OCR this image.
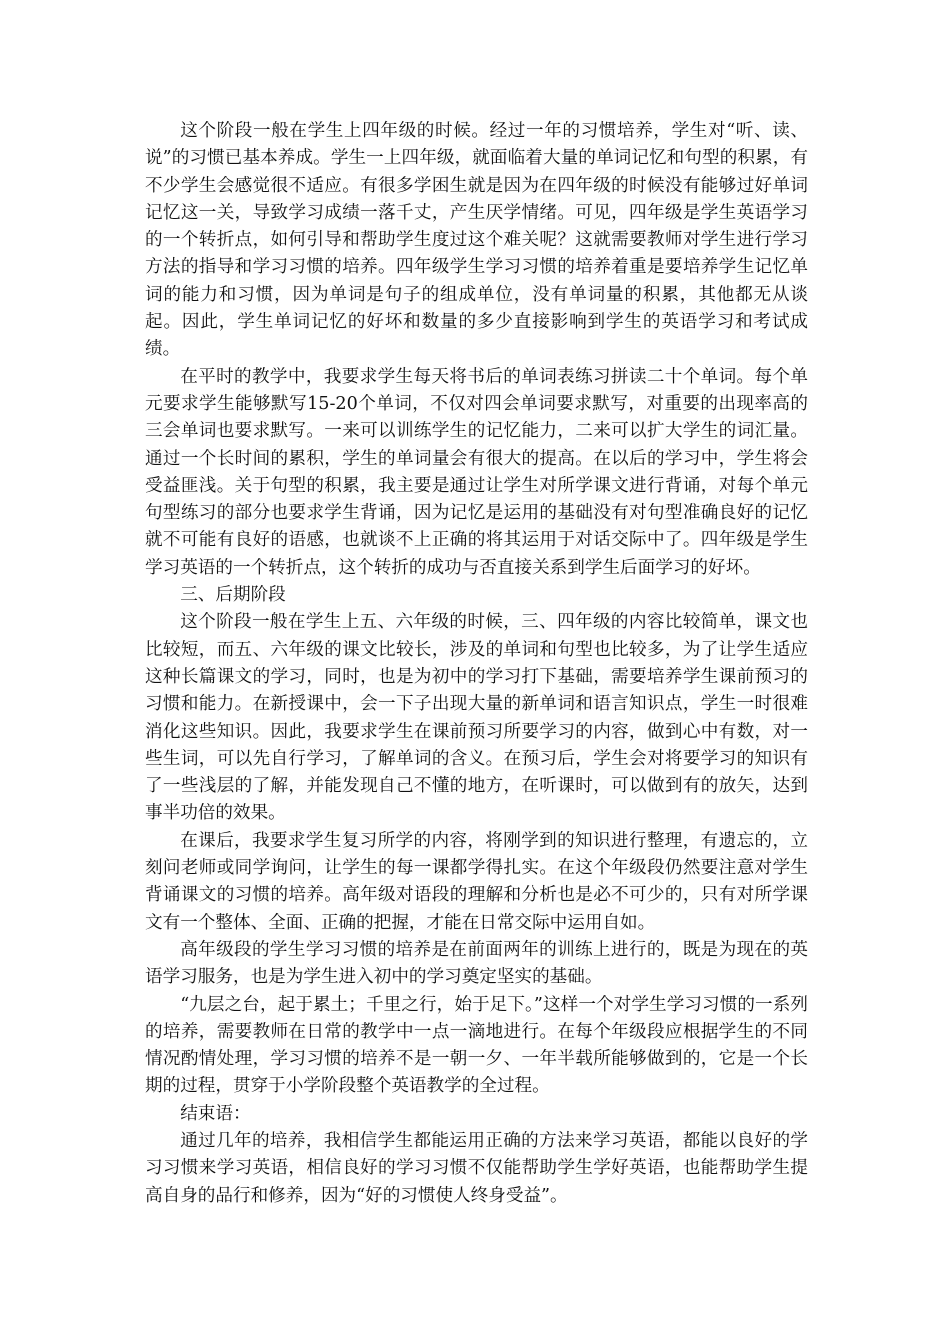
这个阶段一般在学生上四年级的时候。经过一年的习惯培养，学生对“听、读、说”的习惯已基本养成。学生一上四年级，就面临着大量的单词记忆和句型的积累，有不少学生会感觉很不适应。有很多学困生就是因为在四年级的时候没有能够过好单词记忆这一关，导致学习成绩一落千丈，产生厌学情绪。可见，四年级是学生英语学习的一个转折点，如何引导和帮助学生度过这个难关呢？这就需要教师对学生进行学习方法的指导和学习习惯的培养。四年级学生学习习惯的培养着重是要培养学生记忆单词的能力和习惯，因为单词是句子的组成单位，没有单词量的积累，其他都无从谈起。因此，学生单词记忆的好坏和数量的多少直接影响到学生的英语学习和考试成绩。

在平时的教学中，我要求学生每天将书后的单词表练习拼读二十个单词。每个单元要求学生能够默写15-20个单词，不仅对四会单词要求默写，对重要的出现率高的三会单词也要求默写。一来可以训练学生的记忆能力，二来可以扩大学生的词汇量。通过一个长时间的累积，学生的单词量会有很大的提高。在以后的学习中，学生将会受益匪浅。关于句型的积累，我主要是通过让学生对所学课文进行背诵，对每个单元句型练习的部分也要求学生背诵，因为记忆是运用的基础没有对句型准确良好的记忆就不可能有良好的语感，也就谈不上正确的将其运用于对话交际中了。四年级是学生学习英语的一个转折点，这个转折的成功与否直接关系到学生后面学习的好坏。

三、后期阶段

这个阶段一般在学生上五、六年级的时候，三、四年级的内容比较简单，课文也比较短，而五、六年级的课文比较长，涉及的单词和句型也比较多，为了让学生适应这种长篇课文的学习，同时，也是为初中的学习打下基础，需要培养学生课前预习的习惯和能力。在新授课中，会一下子出现大量的新单词和语言知识点，学生一时很难消化这些知识。因此，我要求学生在课前预习所要学习的内容，做到心中有数，对一些生词，可以先自行学习，了解单词的含义。在预习后，学生会对将要学习的知识有了一些浅层的了解，并能发现自己不懂的地方，在听课时，可以做到有的放矢，达到事半功倍的效果。

在课后，我要求学生复习所学的内容，将刚学到的知识进行整理，有遗忘的，立刻问老师或同学询问，让学生的每一课都学得扎实。在这个年级段仍然要注意对学生背诵课文的习惯的培养。高年级对语段的理解和分析也是必不可少的，只有对所学课文有一个整体、全面、正确的把握，才能在日常交际中运用自如。

高年级段的学生学习习惯的培养是在前面两年的训练上进行的，既是为现在的英语学习服务，也是为学生进入初中的学习奠定坚实的基础。

“九层之台，起于累土；千里之行，始于足下。”这样一个对学生学习习惯的一系列的培养，需要教师在日常的教学中一点一滴地进行。在每个年级段应根据学生的不同情况酌情处理，学习习惯的培养不是一朝一夕、一年半载所能够做到的，它是一个长期的过程，贯穿于小学阶段整个英语教学的全过程。

结束语：

通过几年的培养，我相信学生都能运用正确的方法来学习英语，都能以良好的学习习惯来学习英语，相信良好的学习习惯不仅能帮助学生学好英语，也能帮助学生提高自身的品行和修养，因为“好的习惯使人终身受益”。
